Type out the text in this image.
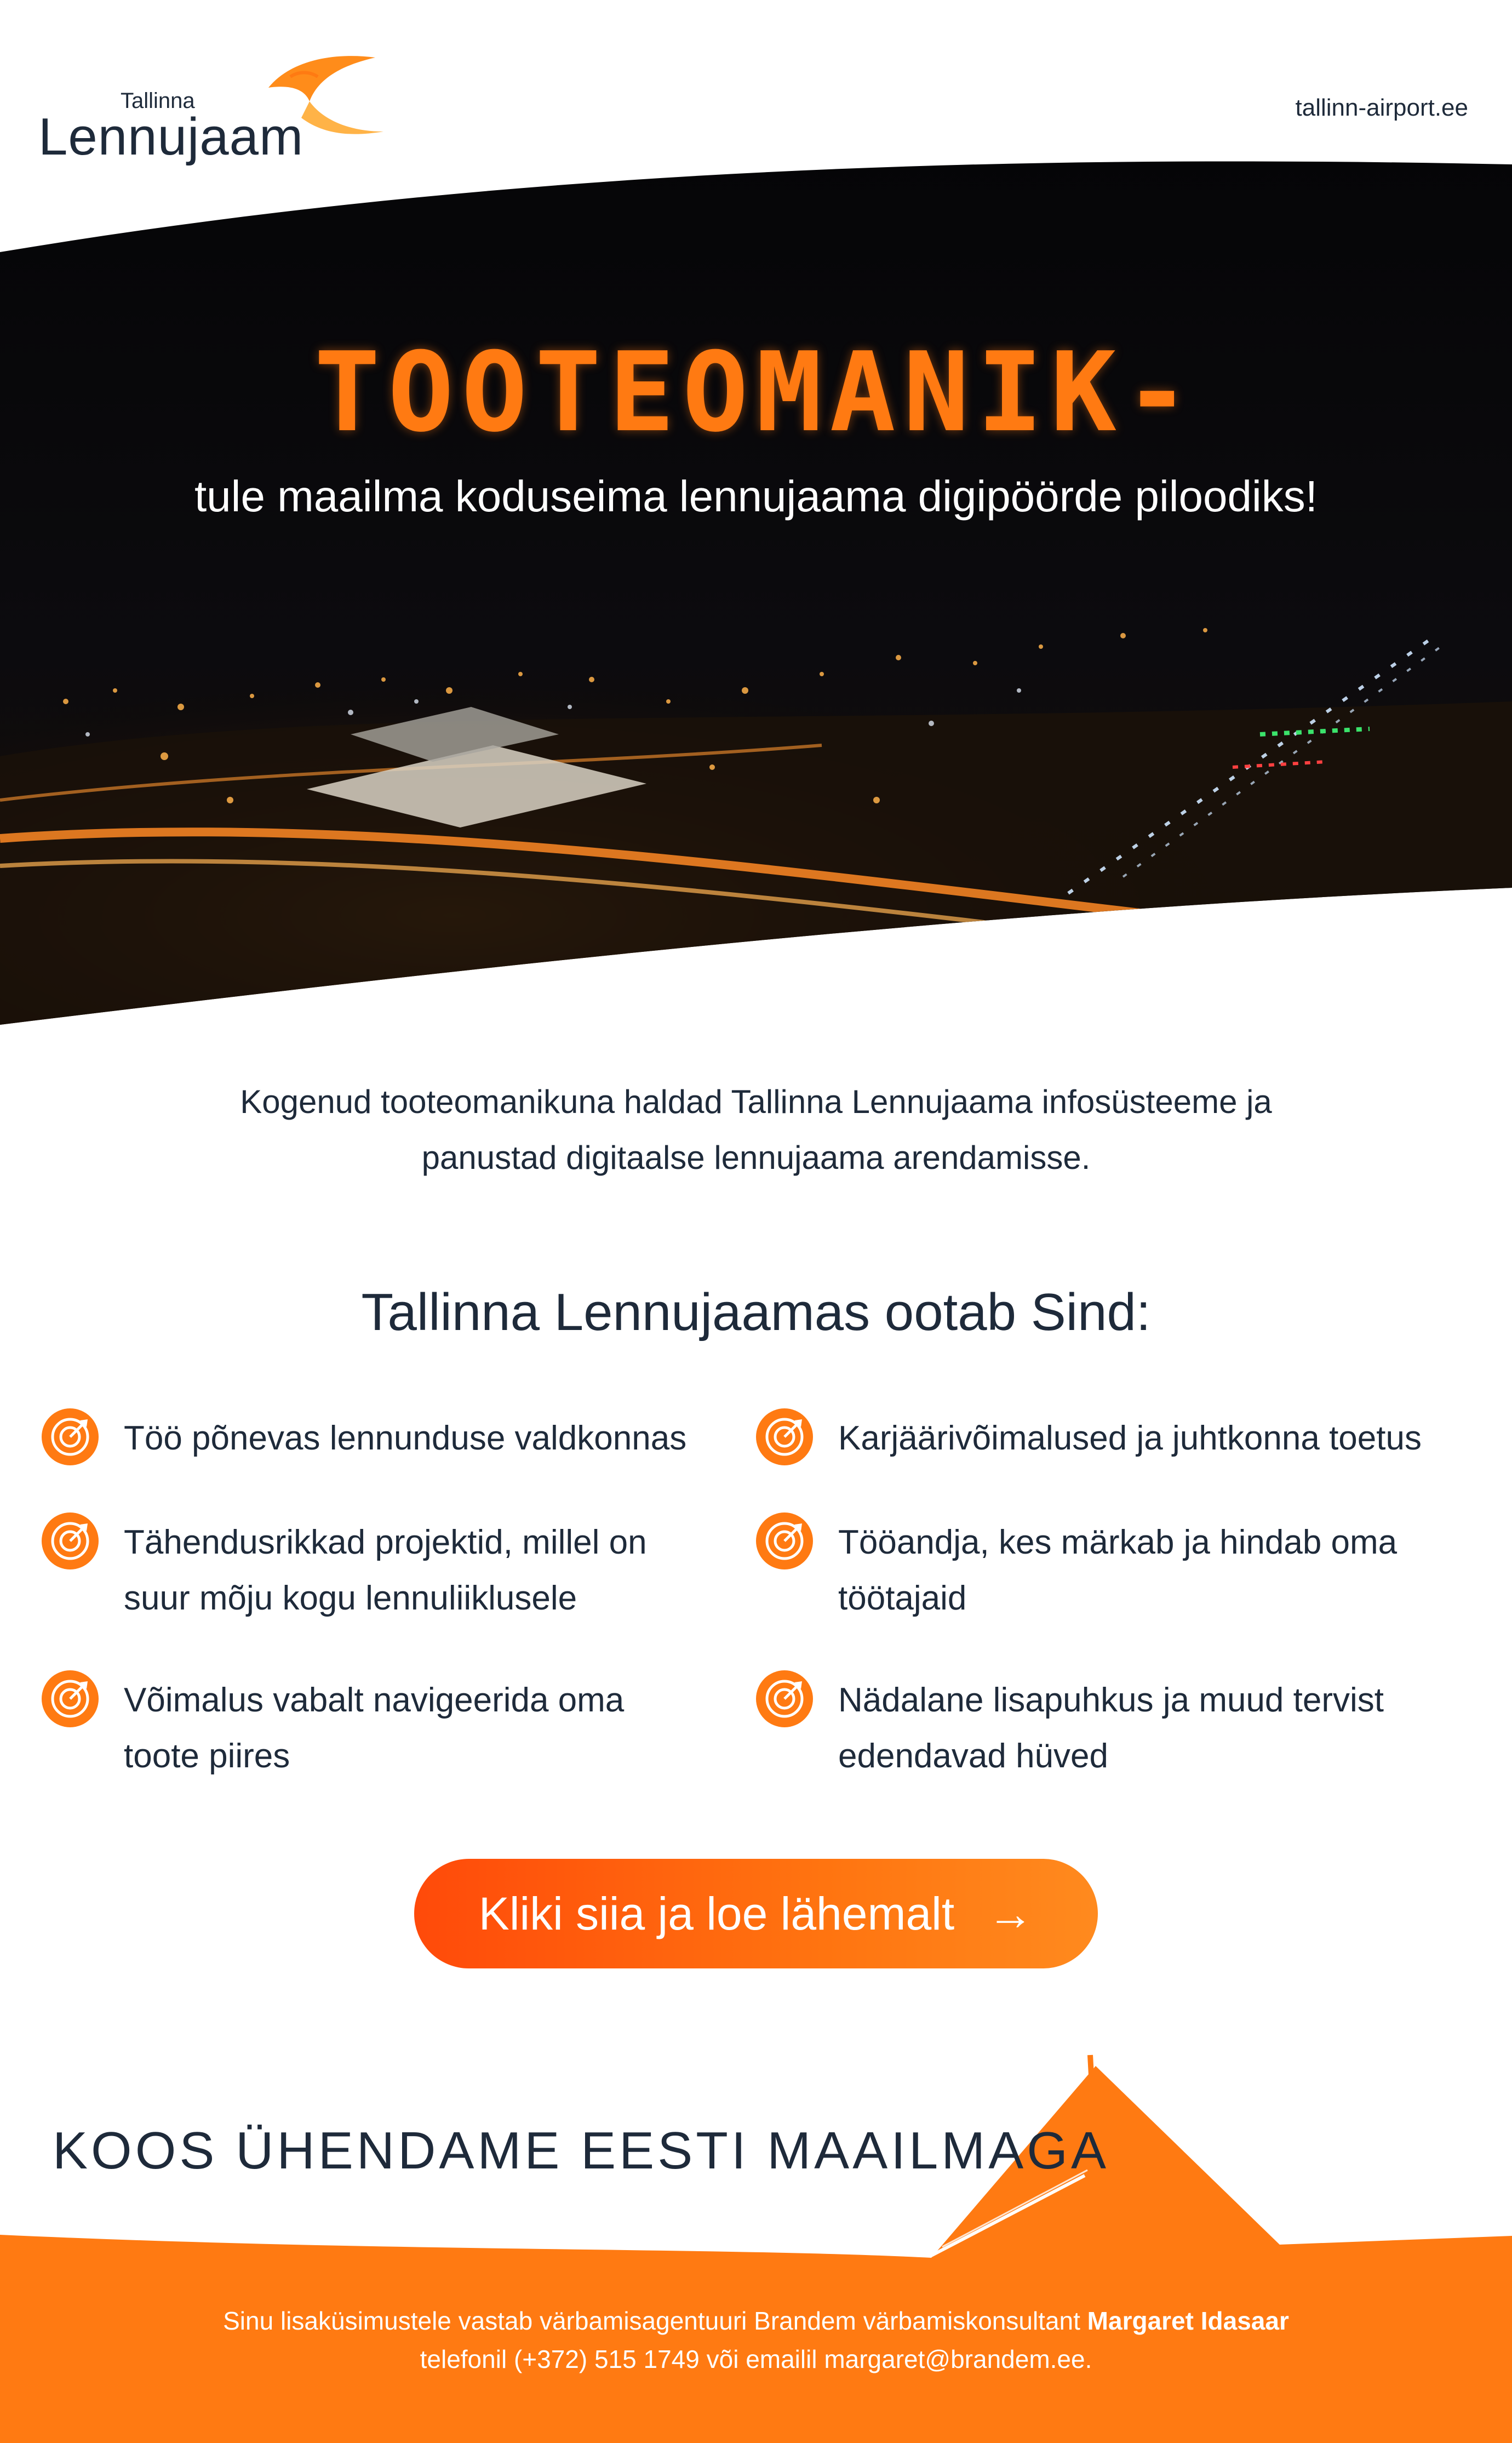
Tallinna
Lennujaam	tallinn-airport.ee
TOOTEOMANIK-
tule maailma koduseima lennujaama digipöörde piloodiks!
Kogenud tooteomanikuna haldad Tallinna Lennujaama infosüsteeme ja
panustad digitaalse lennujaama arendamisse.
Tallinna Lennujaamas ootab Sind:
Töö põnevas lennunduse valdkonnas	Karjäärivõimalused ja juhtkonna toetus
Tähendusrikkad projektid, millel on
suur mõju kogu lennuliiklusele
Tööandja, kes märkab ja hindab oma
töötajaid
Võimalus vabalt navigeerida oma
toote piires
Nädalane lisapuhkus ja muud tervist
edendavad hüved
Kliki siia ja loe lähemalt →
KOOS ÜHENDAME EESTI MAAILMAGA
Sinu lisaküsimustele vastab värbamisagentuuri Brandem värbamiskonsultant Margaret Idasaar
telefonil (+372) 515 1749 või emailil margaret@brandem.ee.
